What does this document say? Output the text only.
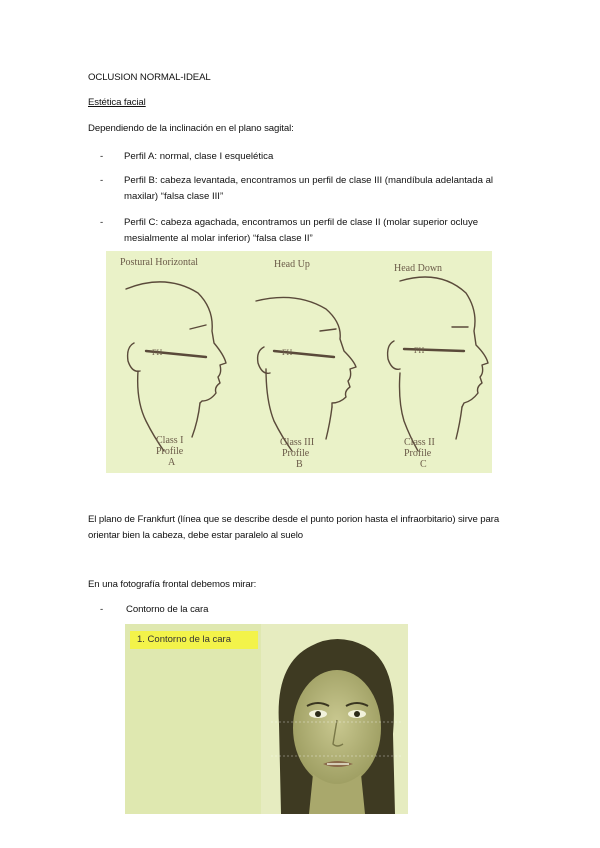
OCLUSION NORMAL-IDEAL
Estética facial
Dependiendo de la inclinación en el plano sagital:
- Perfil A: normal, clase I esquelética
- Perfil B: cabeza levantada, encontramos un perfil de clase III (mandíbula adelantada al maxilar) “falsa clase III”
- Perfil C: cabeza agachada, encontramos un perfil de clase II (molar superior ocluye mesialmente al molar inferior) “falsa clase II”
Postural Horizontal	Head Up	Head Down
FH	FH	FH
Class I
Profile
A
Class III
Profile
B
Class II
Profile
C
El plano de Frankfurt (línea que se describe desde el punto porion hasta el infraorbitario) sirve para orientar bien la cabeza, debe estar paralelo al suelo
En una fotografía frontal debemos mirar:
- Contorno de la cara
1. Contorno de la cara
